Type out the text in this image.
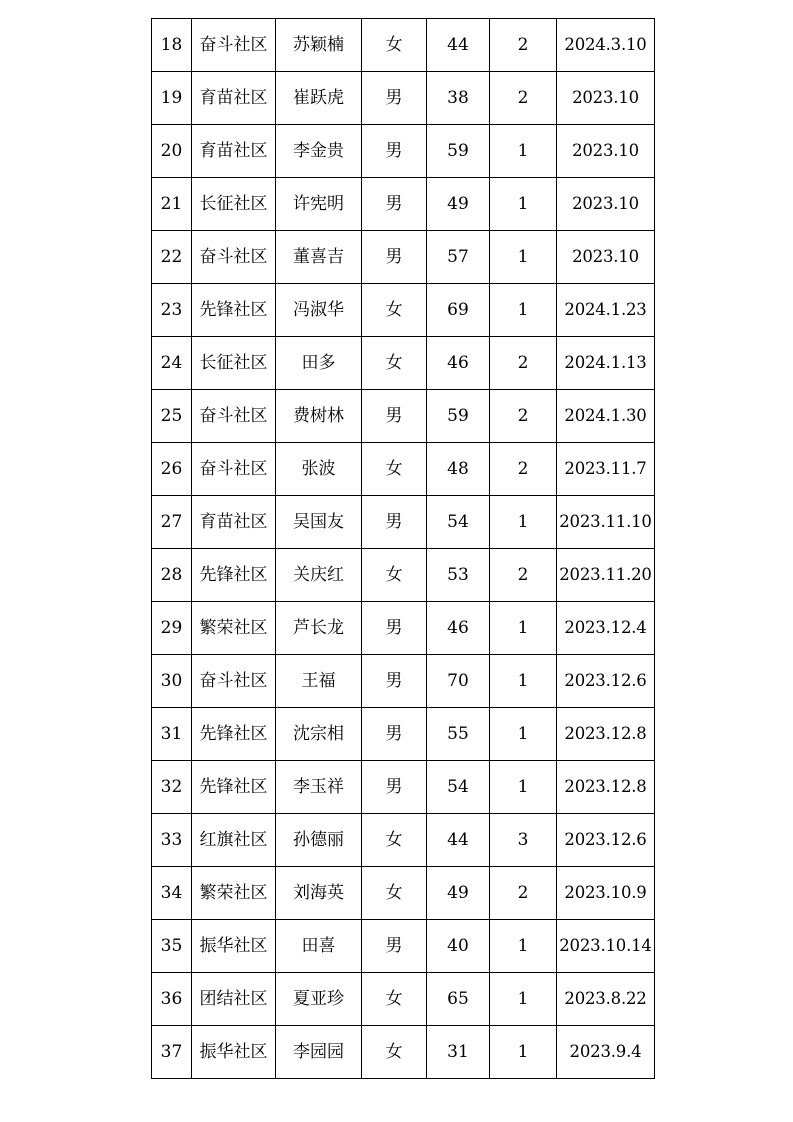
18	奋斗社区	苏颖楠	女	44	2	2024.3.10
19	育苗社区	崔跃虎	男	38	2	2023.10
20	育苗社区	李金贵	男	59	1	2023.10
21	长征社区	许宪明	男	49	1	2023.10
22	奋斗社区	董喜吉	男	57	1	2023.10
23	先锋社区	冯淑华	女	69	1	2024.1.23
24	长征社区	田多	女	46	2	2024.1.13
25	奋斗社区	费树林	男	59	2	2024.1.30
26	奋斗社区	张波	女	48	2	2023.11.7
27	育苗社区	吴国友	男	54	1	2023.11.10
28	先锋社区	关庆红	女	53	2	2023.11.20
29	繁荣社区	芦长龙	男	46	1	2023.12.4
30	奋斗社区	王福	男	70	1	2023.12.6
31	先锋社区	沈宗相	男	55	1	2023.12.8
32	先锋社区	李玉祥	男	54	1	2023.12.8
33	红旗社区	孙德丽	女	44	3	2023.12.6
34	繁荣社区	刘海英	女	49	2	2023.10.9
35	振华社区	田喜	男	40	1	2023.10.14
36	团结社区	夏亚珍	女	65	1	2023.8.22
37	振华社区	李园园	女	31	1	2023.9.4
